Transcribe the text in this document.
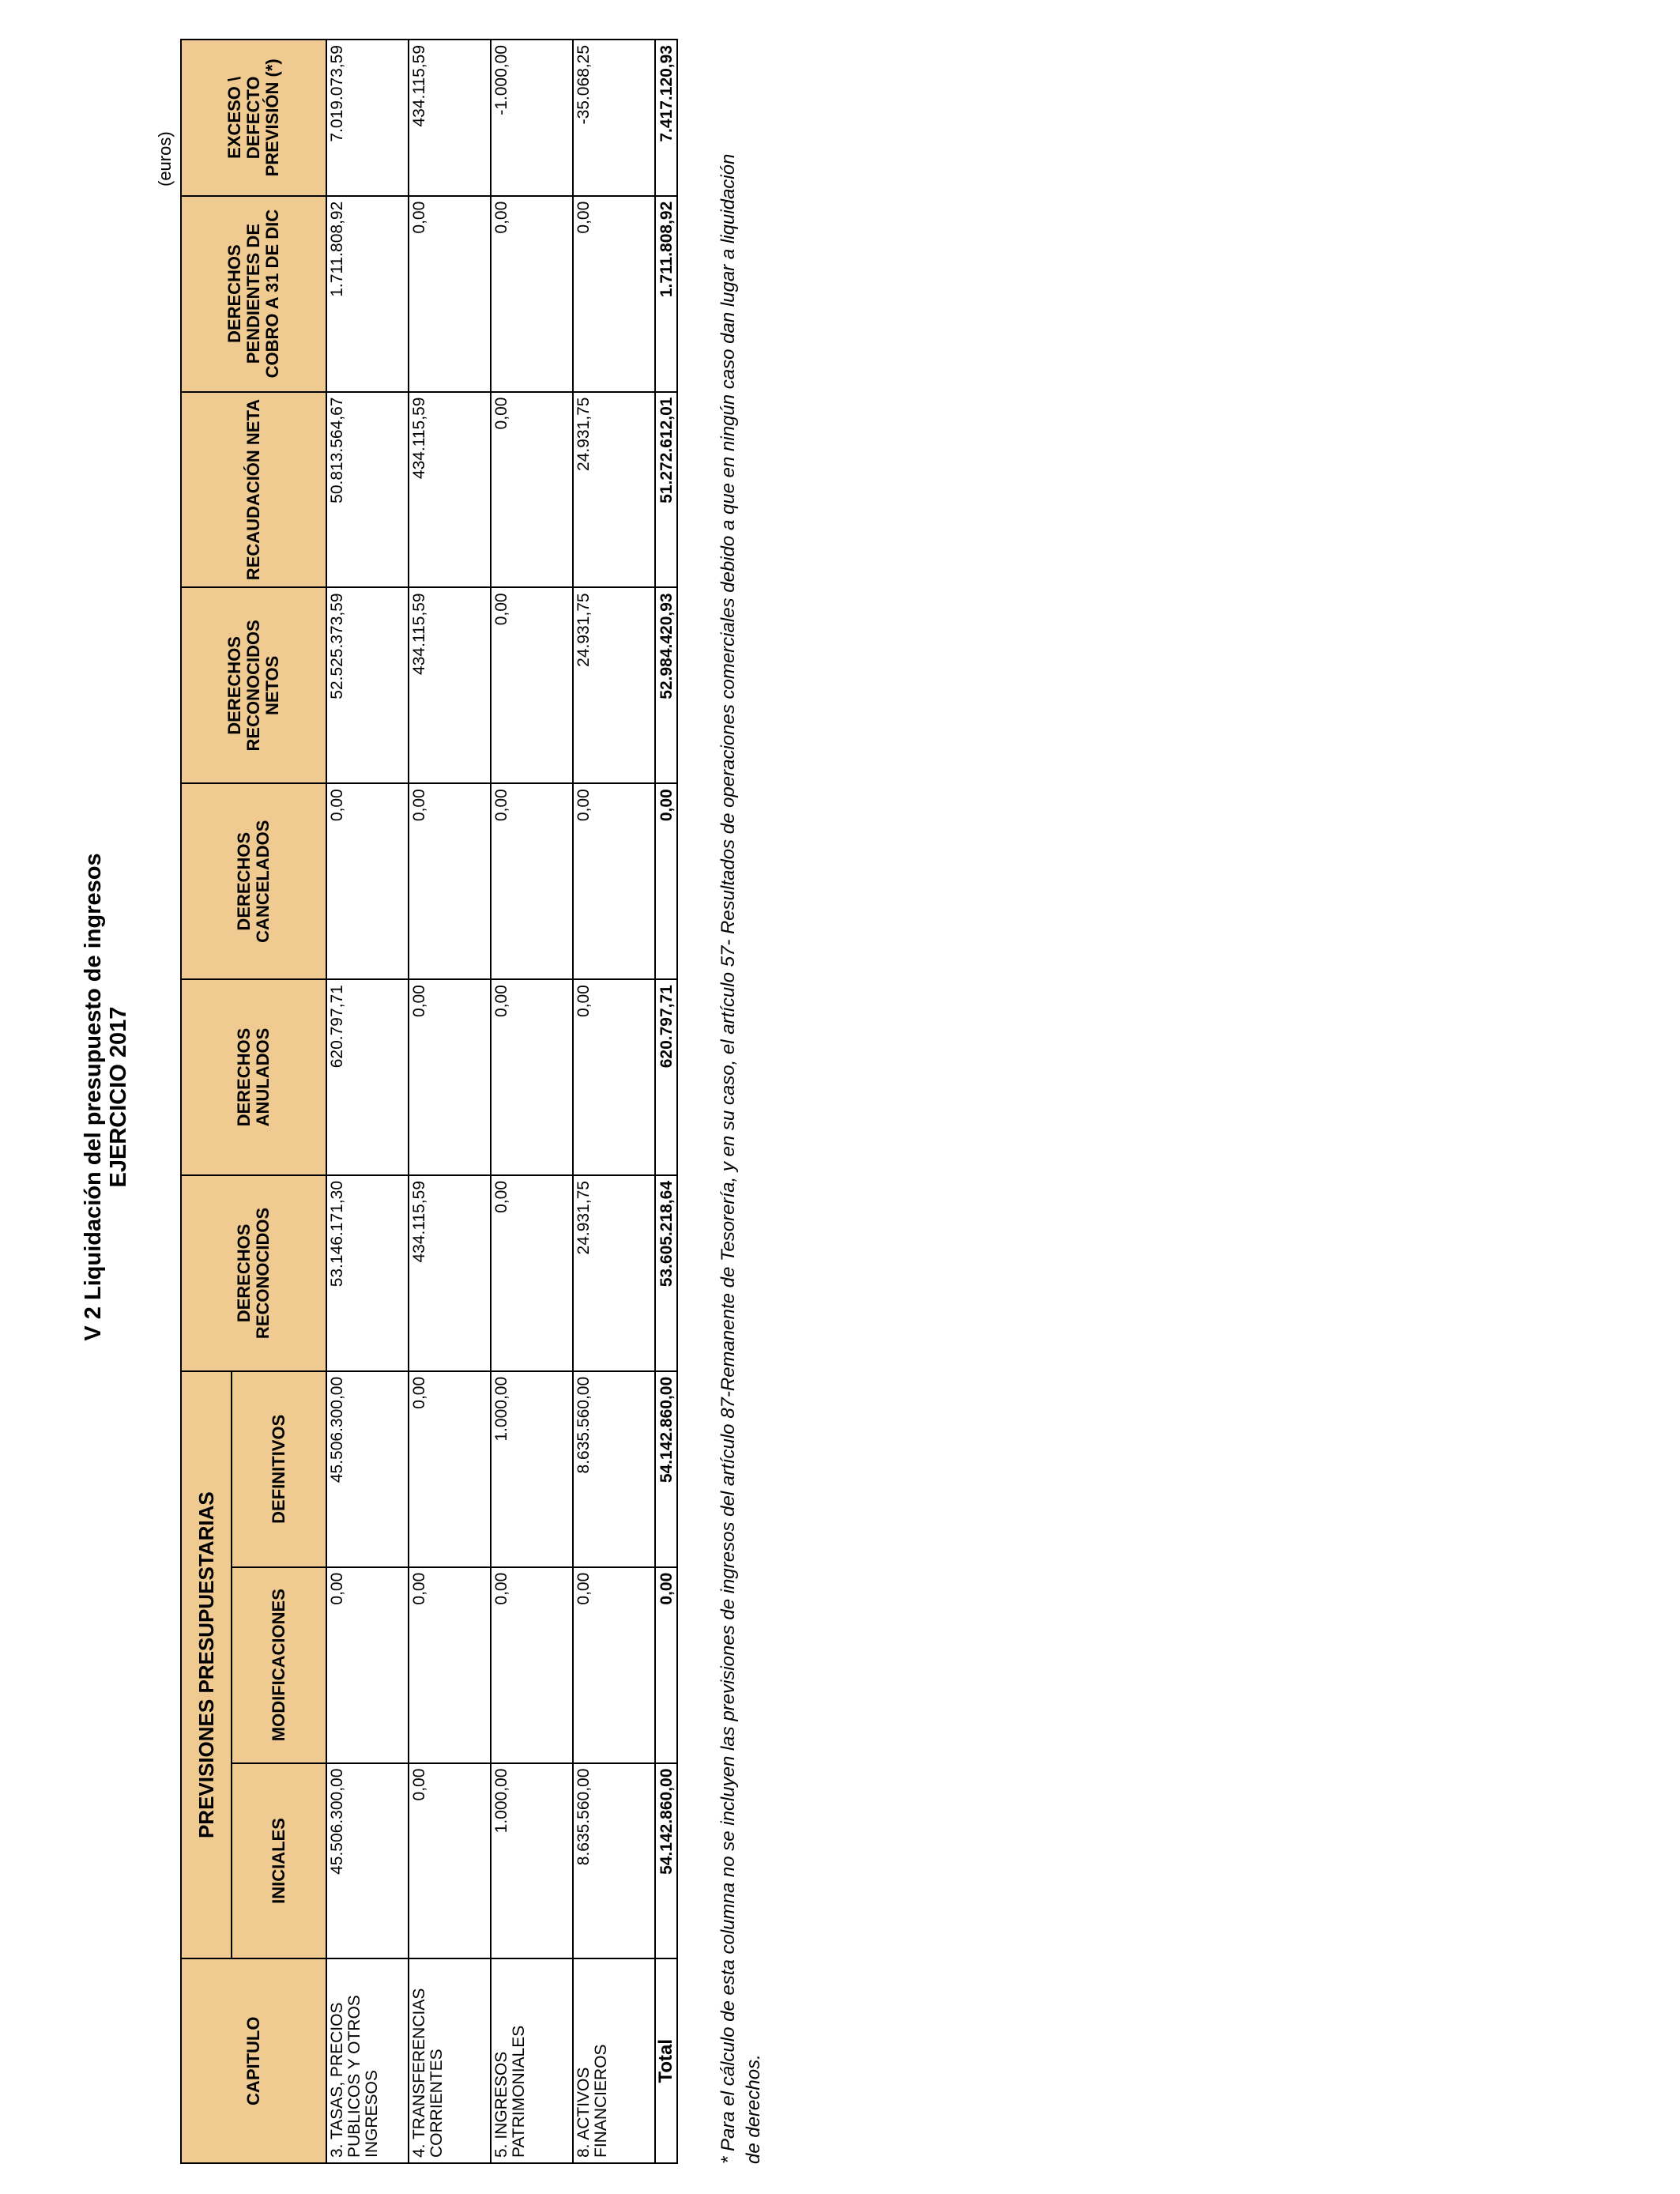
V 2 Liquidación del presupuesto de ingresos EJERCICIO 2017
(euros)
CAPITULO	PREVISIONES PRESUPUESTARIAS			DERECHOS RECONOCIDOS	DERECHOS ANULADOS	DERECHOS CANCELADOS	DERECHOS RECONOCIDOS NETOS	RECAUDACIÓN NETA	DERECHOS PENDIENTES DE COBRO A 31 DE DIC	EXCESO \ DEFECTO PREVISIÓN (*)
	INICIALES	MODIFICACIONES	DEFINITIVOS							
3. TASAS, PRECIOS PUBLICOS Y OTROS INGRESOS	45.506.300,00	0,00	45.506.300,00	53.146.171,30	620.797,71	0,00	52.525.373,59	50.813.564,67	1.711.808,92	7.019.073,59
4. TRANSFERENCIAS CORRIENTES	0,00	0,00	0,00	434.115,59	0,00	0,00	434.115,59	434.115,59	0,00	434.115,59
5. INGRESOS PATRIMONIALES	1.000,00	0,00	1.000,00	0,00	0,00	0,00	0,00	0,00	0,00	-1.000,00
8. ACTIVOS FINANCIEROS	8.635.560,00	0,00	8.635.560,00	24.931,75	0,00	0,00	24.931,75	24.931,75	0,00	-35.068,25
Total	54.142.860,00	0,00	54.142.860,00	53.605.218,64	620.797,71	0,00	52.984.420,93	51.272.612,01	1.711.808,92	7.417.120,93
* Para el cálculo de esta columna no se incluyen las previsiones de ingresos del artículo 87-Remanente de Tesorería, y en su caso, el artículo 57- Resultados de operaciones comerciales debido a que en ningún caso dan lugar a liquidación de derechos.
